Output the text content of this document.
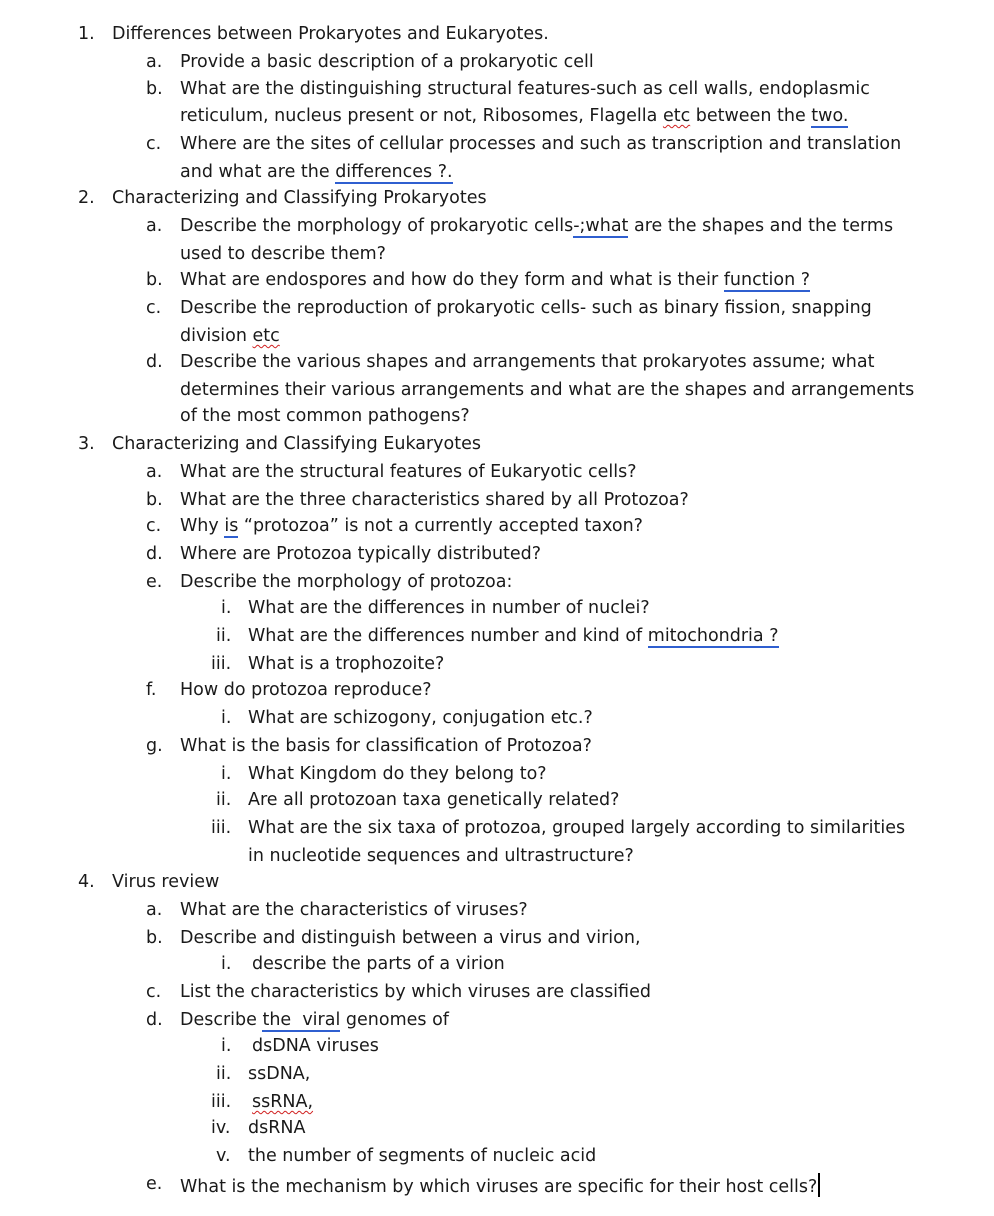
1. Differences between Prokaryotes and Eukaryotes.
a. Provide a basic description of a prokaryotic cell
b. What are the distinguishing structural features-such as cell walls, endoplasmic
reticulum, nucleus present or not, Ribosomes, Flagella etc between the two.
c. Where are the sites of cellular processes and such as transcription and translation
and what are the differences ?.
2. Characterizing and Classifying Prokaryotes
a. Describe the morphology of prokaryotic cells-;what are the shapes and the terms
used to describe them?
b. What are endospores and how do they form and what is their function ?
c. Describe the reproduction of prokaryotic cells- such as binary fission, snapping
division etc
d. Describe the various shapes and arrangements that prokaryotes assume; what
determines their various arrangements and what are the shapes and arrangements
of the most common pathogens?
3. Characterizing and Classifying Eukaryotes
a. What are the structural features of Eukaryotic cells?
b. What are the three characteristics shared by all Protozoa?
c. Why is “protozoa” is not a currently accepted taxon?
d. Where are Protozoa typically distributed?
e. Describe the morphology of protozoa:
i. What are the differences in number of nuclei?
ii. What are the differences number and kind of mitochondria ?
iii. What is a trophozoite?
f. How do protozoa reproduce?
i. What are schizogony, conjugation etc.?
g. What is the basis for classification of Protozoa?
i. What Kingdom do they belong to?
ii. Are all protozoan taxa genetically related?
iii. What are the six taxa of protozoa, grouped largely according to similarities
in nucleotide sequences and ultrastructure?
4. Virus review
a. What are the characteristics of viruses?
b. Describe and distinguish between a virus and virion,
i. describe the parts of a virion
c. List the characteristics by which viruses are classified
d. Describe the  viral genomes of
i. dsDNA viruses
ii. ssDNA,
iii. ssRNA,
iv. dsRNA
v. the number of segments of nucleic acid
e. What is the mechanism by which viruses are specific for their host cells?
